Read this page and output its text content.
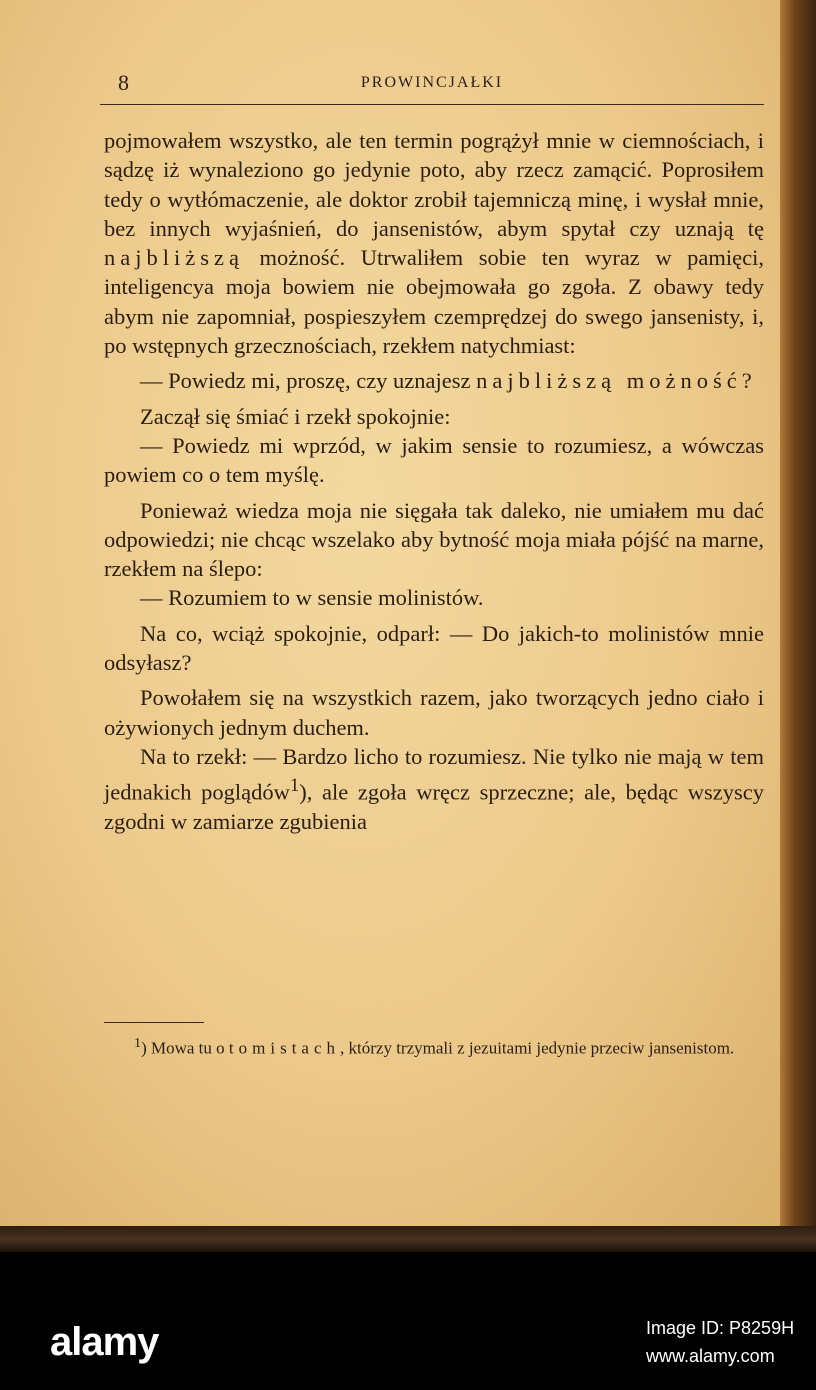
8	PROWINCJAŁKI

pojmowałem wszystko, ale ten termin pogrążył mnie w ciemnościach, i sądzę iż wynaleziono go jedynie poto, aby rzecz zamącić. Poprosiłem tedy o wytłómaczenie, ale doktor zrobił tajemniczą minę, i wysłał mnie, bez innych wyjaśnień, do jansenistów, abym spytał czy uznają tę najbliższą możność. Utrwaliłem sobie ten wyraz w pamięci, inteligencya moja bowiem nie obejmowała go zgoła. Z obawy tedy abym nie zapomniał, pospieszyłem czemprędzej do swego jansenisty, i, po wstępnych grzecznościach, rzekłem natychmiast:

— Powiedz mi, proszę, czy uznajesz najbliższą możność?

Zaczął się śmiać i rzekł spokojnie:

— Powiedz mi wprzód, w jakim sensie to rozumiesz, a wówczas powiem co o tem myślę.

Ponieważ wiedza moja nie sięgała tak daleko, nie umiałem mu dać odpowiedzi; nie chcąc wszelako aby bytność moja miała pójść na marne, rzekłem na ślepo:

— Rozumiem to w sensie molinistów.

Na co, wciąż spokojnie, odparł: — Do jakich-to molinistów mnie odsyłasz?

Powołałem się na wszystkich razem, jako tworzących jedno ciało i ożywionych jednym duchem.

Na to rzekł: — Bardzo licho to rozumiesz. Nie tylko nie mają w tem jednakich poglądów$^1$), ale zgoła wręcz sprzeczne; ale, będąc wszyscy zgodni w zamiarze zgubienia

$^1$) Mowa tu o tomistach, którzy trzymali z jezuitami jedynie przeciw jansenistom.
alamy	Image ID: P8259H
www.alamy.com
